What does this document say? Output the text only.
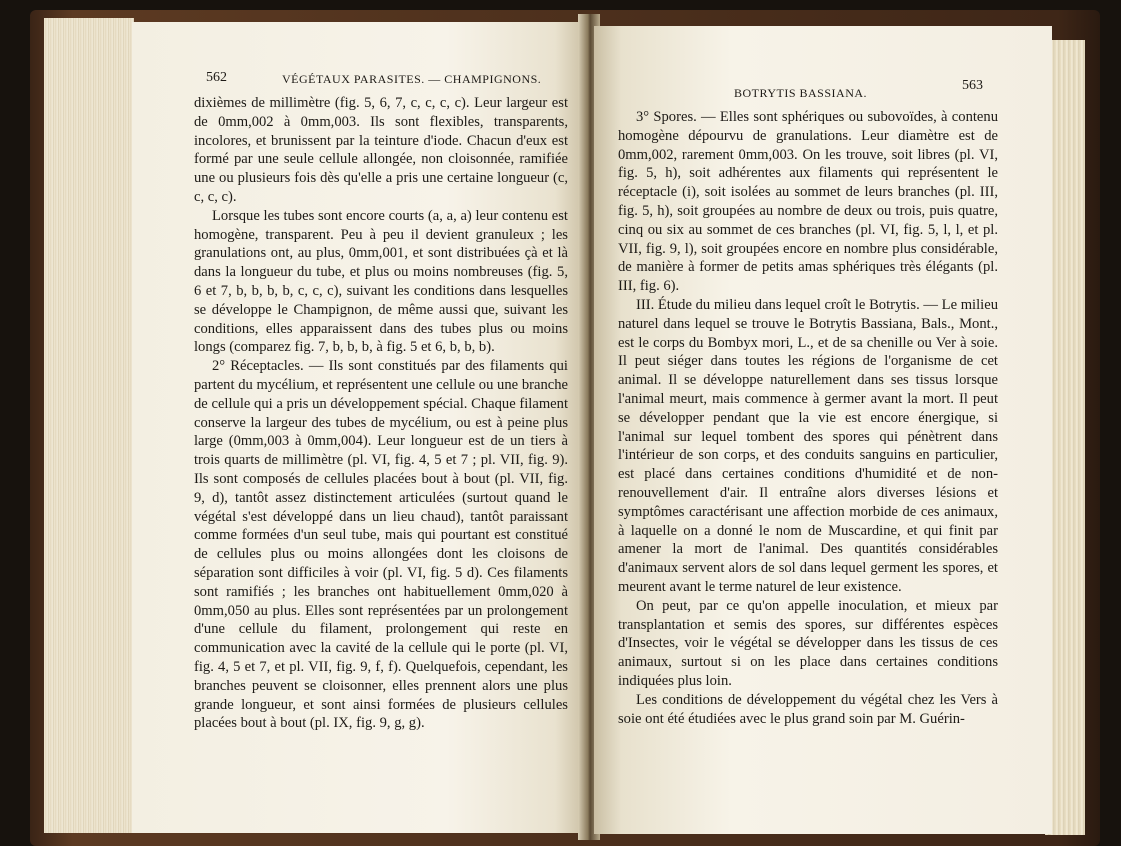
562	VÉGÉTAUX PARASITES. — CHAMPIGNONS.

dixièmes de millimètre (fig. 5, 6, 7, c, c, c, c). Leur largeur est de 0mm,002 à 0mm,003. Ils sont flexibles, transparents, incolores, et brunissent par la teinture d'iode. Chacun d'eux est formé par une seule cellule allongée, non cloisonnée, ramifiée une ou plusieurs fois dès qu'elle a pris une certaine longueur (c, c, c, c).

Lorsque les tubes sont encore courts (a, a, a) leur contenu est homogène, transparent. Peu à peu il devient granuleux ; les granulations ont, au plus, 0mm,001, et sont distribuées çà et là dans la longueur du tube, et plus ou moins nombreuses (fig. 5, 6 et 7, b, b, b, b, c, c, c), suivant les conditions dans lesquelles se développe le Champignon, de même aussi que, suivant les conditions, elles apparaissent dans des tubes plus ou moins longs (comparez fig. 7, b, b, b, à fig. 5 et 6, b, b, b).

2° Réceptacles. — Ils sont constitués par des filaments qui partent du mycélium, et représentent une cellule ou une branche de cellule qui a pris un développement spécial. Chaque filament conserve la largeur des tubes de mycélium, ou est à peine plus large (0mm,003 à 0mm,004). Leur longueur est de un tiers à trois quarts de millimètre (pl. VI, fig. 4, 5 et 7 ; pl. VII, fig. 9). Ils sont composés de cellules placées bout à bout (pl. VII, fig. 9, d), tantôt assez distinctement articulées (surtout quand le végétal s'est développé dans un lieu chaud), tantôt paraissant comme formées d'un seul tube, mais qui pourtant est constitué de cellules plus ou moins allongées dont les cloisons de séparation sont difficiles à voir (pl. VI, fig. 5 d). Ces filaments sont ramifiés ; les branches ont habituellement 0mm,020 à 0mm,050 au plus. Elles sont représentées par un prolongement d'une cellule du filament, prolongement qui reste en communication avec la cavité de la cellule qui le porte (pl. VI, fig. 4, 5 et 7, et pl. VII, fig. 9, f, f). Quelquefois, cependant, les branches peuvent se cloisonner, elles prennent alors une plus grande longueur, et sont ainsi formées de plusieurs cellules placées bout à bout (pl. IX, fig. 9, g, g).

BOTRYTIS BASSIANA.	563

3° Spores. — Elles sont sphériques ou subovoïdes, à contenu homogène dépourvu de granulations. Leur diamètre est de 0mm,002, rarement 0mm,003. On les trouve, soit libres (pl. VI, fig. 5, h), soit adhérentes aux filaments qui représentent le réceptacle (i), soit isolées au sommet de leurs branches (pl. III, fig. 5, h), soit groupées au nombre de deux ou trois, puis quatre, cinq ou six au sommet de ces branches (pl. VI, fig. 5, l, l, et pl. VII, fig. 9, l), soit groupées encore en nombre plus considérable, de manière à former de petits amas sphériques très élégants (pl. III, fig. 6).

III. Étude du milieu dans lequel croît le Botrytis. — Le milieu naturel dans lequel se trouve le Botrytis Bassiana, Bals., Mont., est le corps du Bombyx mori, L., et de sa chenille ou Ver à soie. Il peut siéger dans toutes les régions de l'organisme de cet animal. Il se développe naturellement dans ses tissus lorsque l'animal meurt, mais commence à germer avant la mort. Il peut se développer pendant que la vie est encore énergique, si l'animal sur lequel tombent des spores qui pénètrent dans l'intérieur de son corps, et des conduits sanguins en particulier, est placé dans certaines conditions d'humidité et de non-renouvellement d'air. Il entraîne alors diverses lésions et symptômes caractérisant une affection morbide de ces animaux, à laquelle on a donné le nom de Muscardine, et qui finit par amener la mort de l'animal. Des quantités considérables d'animaux servent alors de sol dans lequel germent les spores, et meurent avant le terme naturel de leur existence.

On peut, par ce qu'on appelle inoculation, et mieux par transplantation et semis des spores, sur différentes espèces d'Insectes, voir le végétal se développer dans les tissus de ces animaux, surtout si on les place dans certaines conditions indiquées plus loin.

Les conditions de développement du végétal chez les Vers à soie ont été étudiées avec le plus grand soin par M. Guérin-
